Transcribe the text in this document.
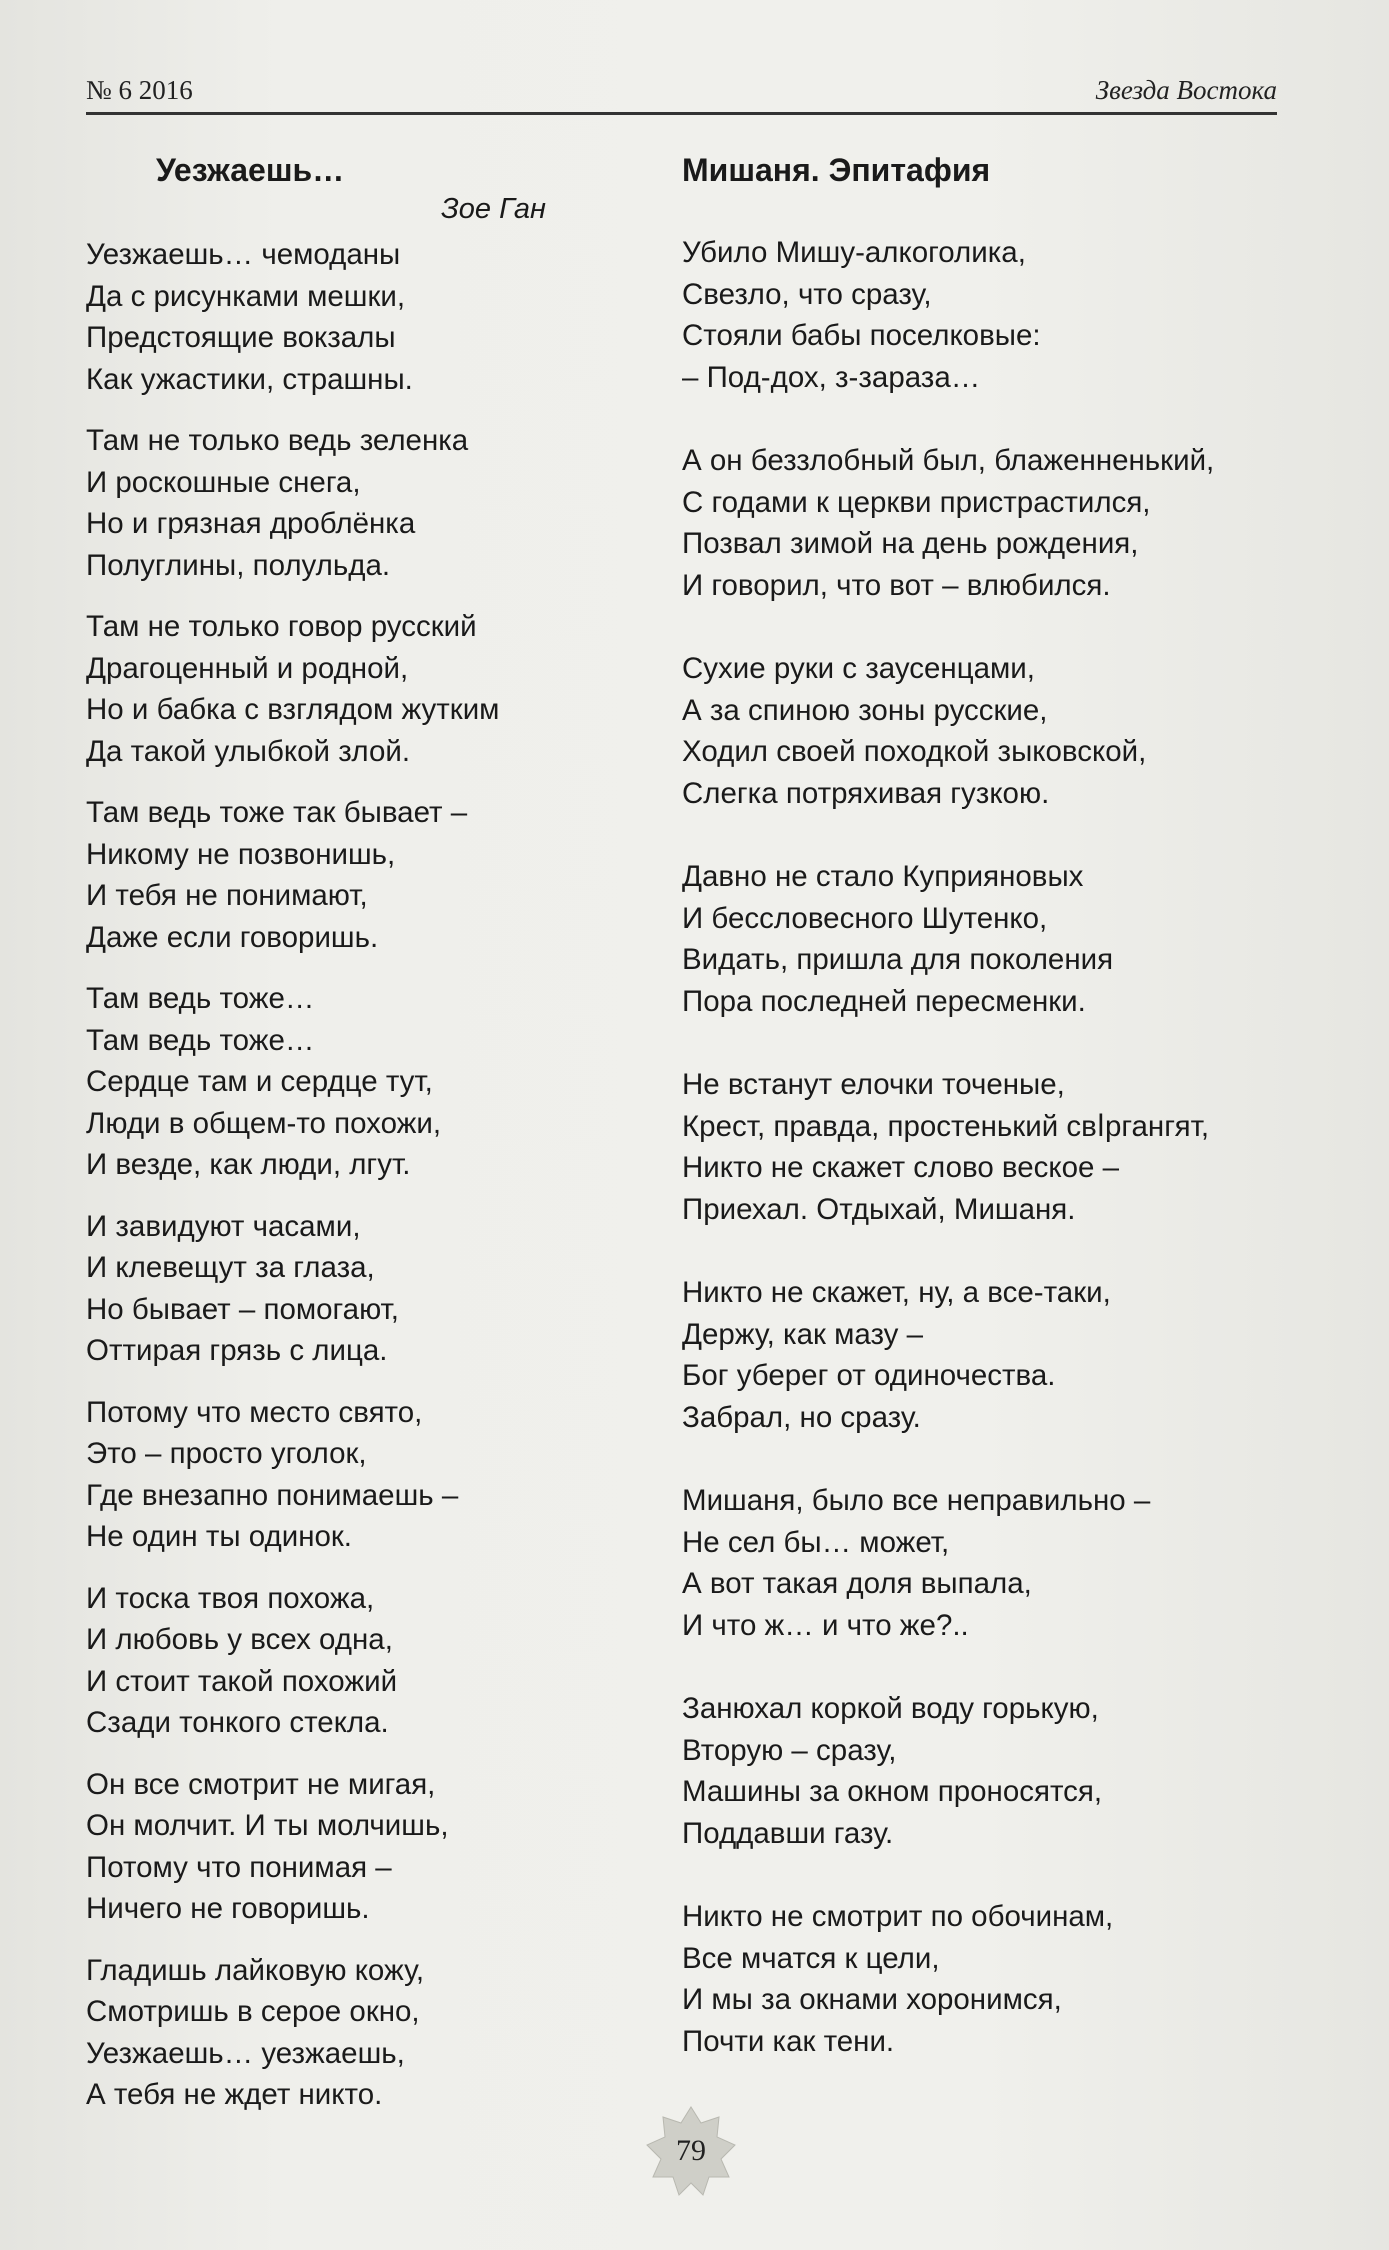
№ 6 2016	Звезда Востока
Уезжаешь…

Зое Ган

Уезжаешь… чемоданы
Да с рисунками мешки,
Предстоящие вокзалы
Как ужастики, страшны.
Там не только ведь зеленка
И роскошные снега,
Но и грязная дроблёнка
Полуглины, полульда.
Там не только говор русский
Драгоценный и родной,
Но и бабка с взглядом жутким
Да такой улыбкой злой.
Там ведь тоже так бывает –
Никому не позвонишь,
И тебя не понимают,
Даже если говоришь.
Там ведь тоже…
Там ведь тоже…
Сердце там и сердце тут,
Люди в общем-то похожи,
И везде, как люди, лгут.
И завидуют часами,
И клевещут за глаза,
Но бывает – помогают,
Оттирая грязь с лица.
Потому что место свято,
Это – просто уголок,
Где внезапно понимаешь –
Не один ты одинок.
И тоска твоя похожа,
И любовь у всех одна,
И стоит такой похожий
Сзади тонкого стекла.
Он все смотрит не мигая,
Он молчит. И ты молчишь,
Потому что понимая –
Ничего не говоришь.
Гладишь лайковую кожу,
Смотришь в серое окно,
Уезжаешь… уезжаешь,
А тебя не ждет никто.
Мишаня. Эпитафия
Убило Мишу-алкоголика,
Свезло, что сразу,
Стояли бабы поселковые:
– Под-дох, з-зараза…
А он беззлобный был, блаженненький,
С годами к церкви пристрастился,
Позвал зимой на день рождения,
И говорил, что вот – влюбился.
Сухие руки с заусенцами,
А за спиною зоны русские,
Ходил своей походкой зыковской,
Слегка потряхивая гузкою.
Давно не стало Куприяновых
И бессловесного Шутенко,
Видать, пришла для поколения
Пора последней пересменки.
Не встанут елочки точеные,
Крест, правда, простенький свاргангят,
Никто не скажет слово веское –
Приехал. Отдыхай, Мишаня.
Никто не скажет, ну, а все-таки,
Держу, как мазу –
Бог уберег от одиночества.
Забрал, но сразу.
Мишаня, было все неправильно –
Не сел бы… может,
А вот такая доля выпала,
И что ж… и что же?..
Занюхал коркой воду горькую,
Вторую – сразу,
Машины за окном проносятся,
Поддавши газу.
Никто не смотрит по обочинам,
Все мчатся к цели,
И мы за окнами хоронимся,
Почти как тени.
79
